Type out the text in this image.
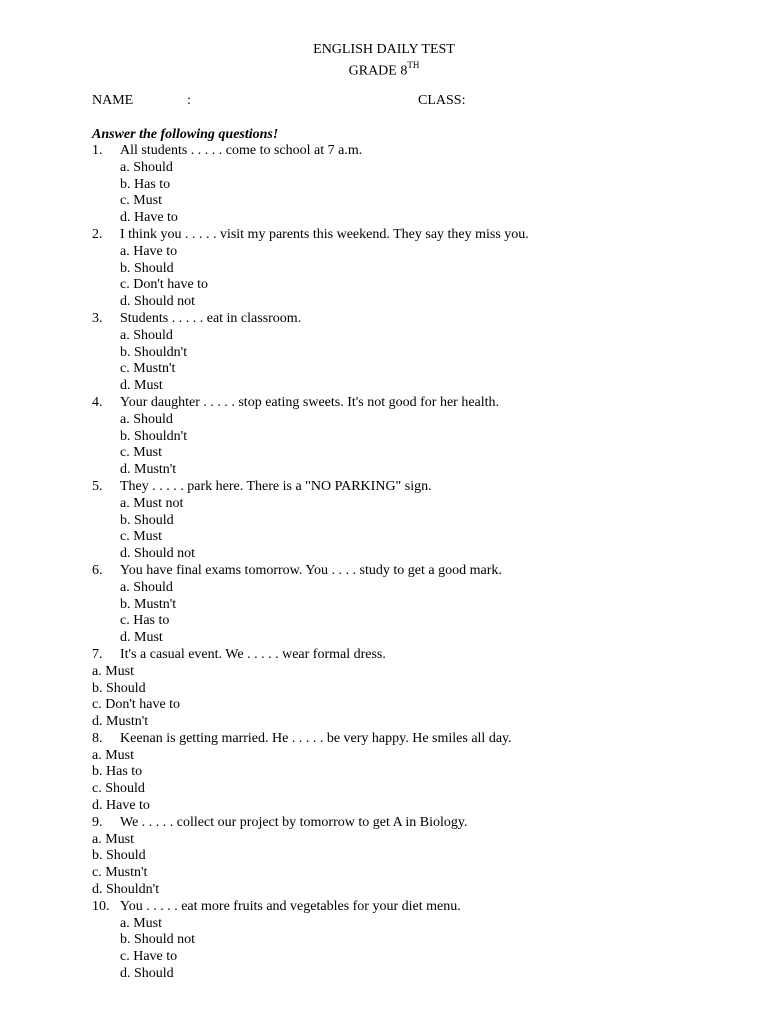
ENGLISH DAILY TEST
GRADE 8TH
NAME	:	CLASS:
Answer the following questions!
1. All students . . . . . come to school at 7 a.m.
a. Should
b. Has to
c. Must
d. Have to
2. I think you . . . . . visit my parents this weekend. They say they miss you.
a. Have to
b. Should
c. Don't have to
d. Should not
3. Students . . . . . eat in classroom.
a. Should
b. Shouldn't
c. Mustn't
d. Must
4. Your daughter . . . . . stop eating sweets. It's not good for her health.
a. Should
b. Shouldn't
c. Must
d. Mustn't
5. They . . . . . park here. There is a "NO PARKING" sign.
a. Must not
b. Should
c. Must
d. Should not
6. You have final exams tomorrow. You . . . . study to get a good mark.
a. Should
b. Mustn't
c. Has to
d. Must
7. It's a casual event. We . . . . . wear formal dress.
a. Must
b. Should
c. Don't have to
d. Mustn't
8. Keenan is getting married. He . . . . . be very happy. He smiles all day.
a. Must
b. Has to
c. Should
d. Have to
9. We . . . . . collect our project by tomorrow to get A in Biology.
a. Must
b. Should
c. Mustn't
d. Shouldn't
10. You . . . . . eat more fruits and vegetables for your diet menu.
a. Must
b. Should not
c. Have to
d. Should
